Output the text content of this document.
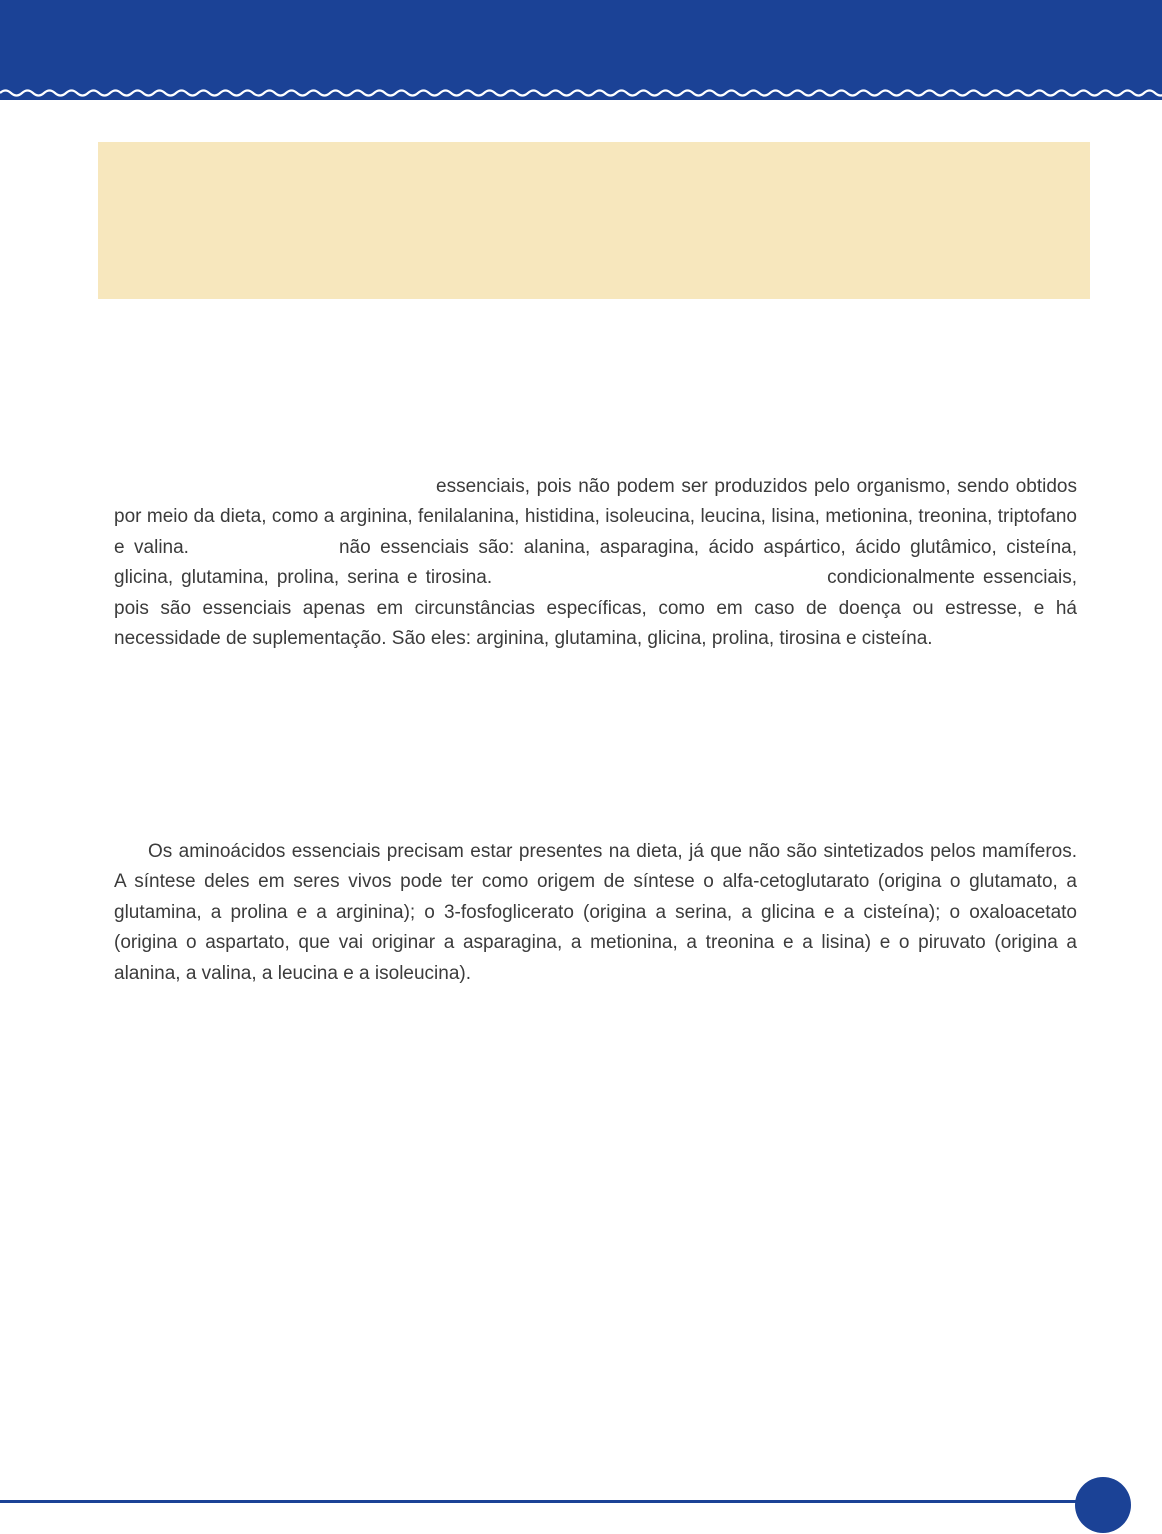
essenciais, pois não podem ser produzidos pelo organismo, sendo obtidos por meio da dieta, como a arginina, fenilalanina, histidina, isoleucina, leucina, lisina, metionina, treonina, triptofano e valina.	não essenciais são: alanina, asparagina, ácido aspártico, ácido glutâmico, cisteína, glicina, glutamina, prolina, serina e tirosina.	condicionalmente essenciais, pois são essenciais apenas em circunstâncias específicas, como em caso de doença ou estresse, e há necessidade de suplementação. São eles: arginina, glutamina, glicina, prolina, tirosina e cisteína.

Os aminoácidos essenciais precisam estar presentes na dieta, já que não são sintetizados pelos mamíferos. A síntese deles em seres vivos pode ter como origem de síntese o alfa-cetoglutarato (origina o glutamato, a glutamina, a prolina e a arginina); o 3-fosfoglicerato (origina a serina, a glicina e a cisteína); o oxaloacetato (origina o aspartato, que vai originar a asparagina, a metionina, a treonina e a lisina) e o piruvato (origina a alanina, a valina, a leucina e a isoleucina).
